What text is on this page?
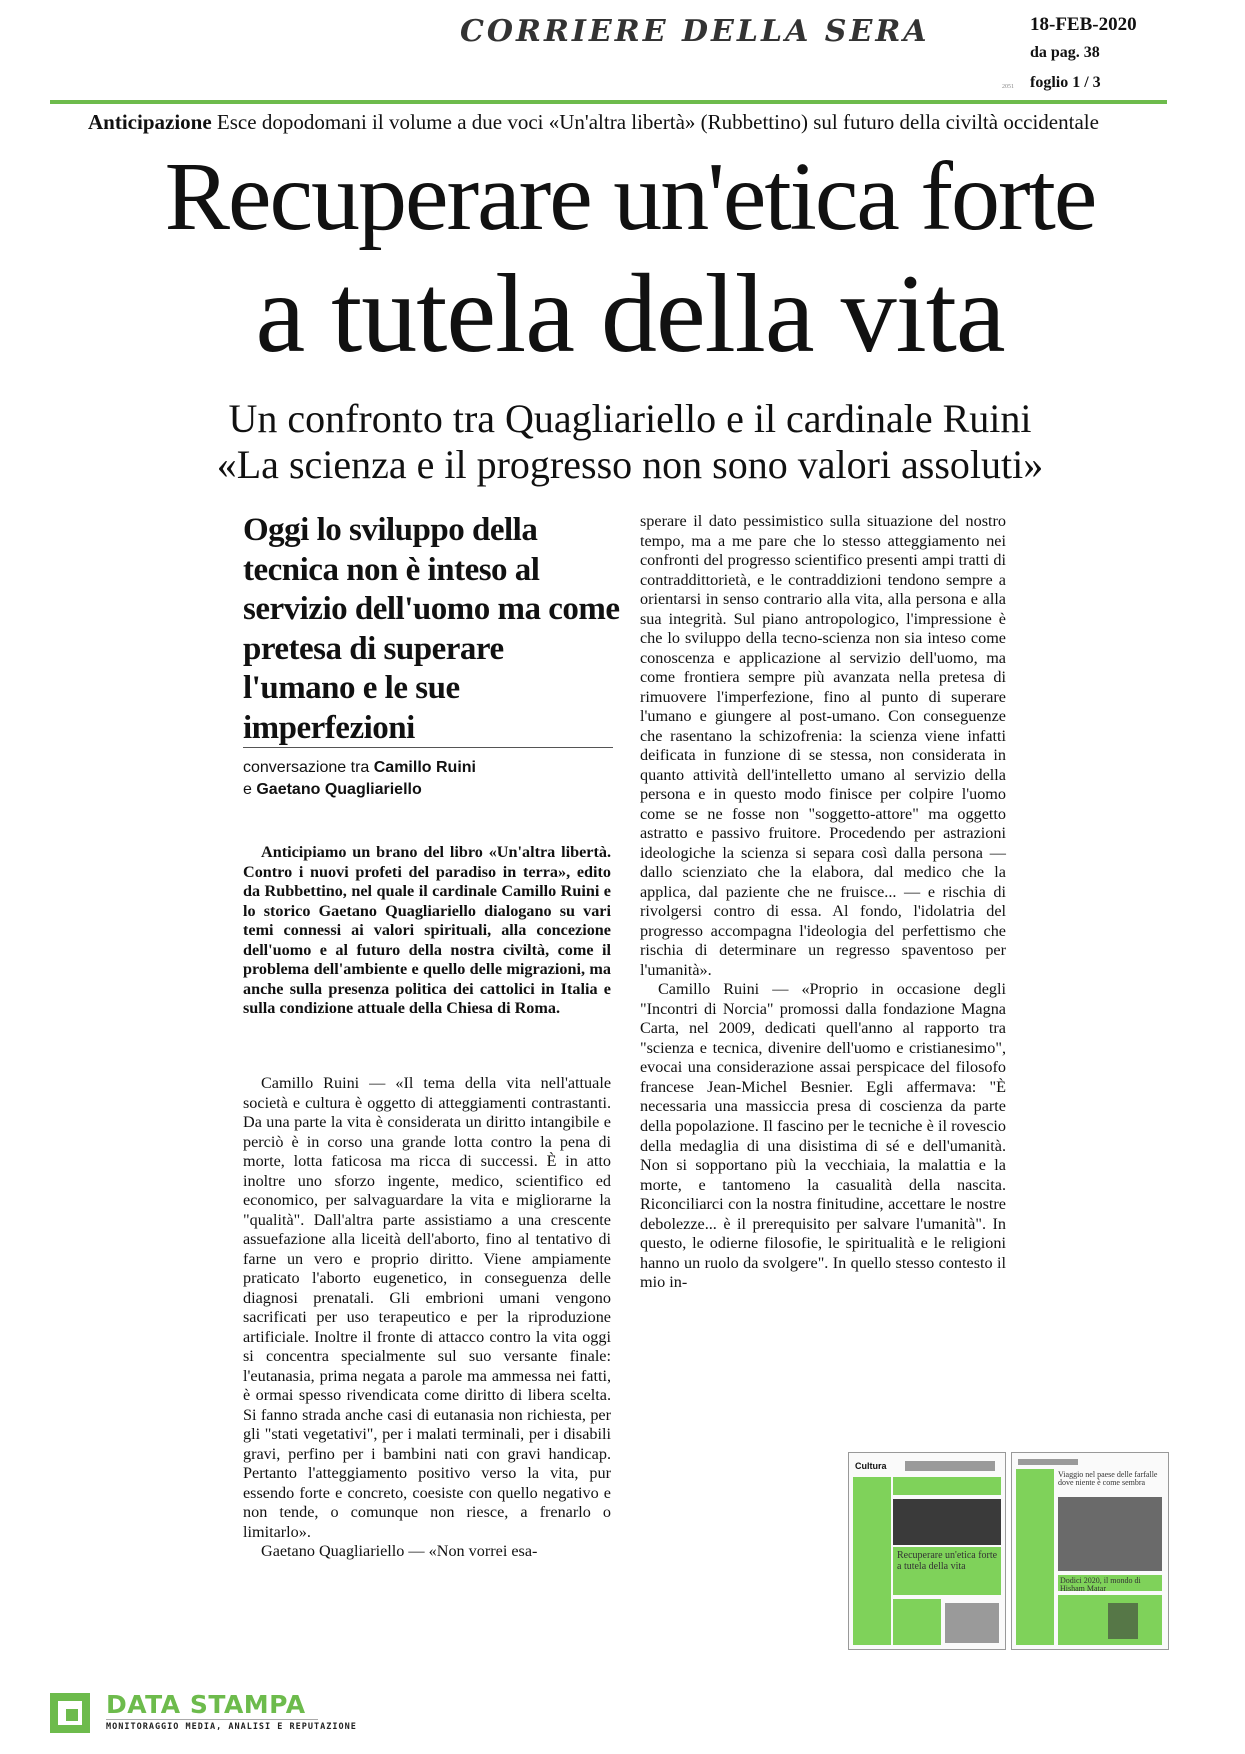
CORRIERE DELLA SERA	18-FEB-2020
da pag. 38
2051 foglio 1 / 3
Anticipazione Esce dopodomani il volume a due voci «Un'altra libertà» (Rubbettino) sul futuro della civiltà occidentale
Recuperare un'etica forte
a tutela della vita
Un confronto tra Quagliariello e il cardinale Ruini
«La scienza e il progresso non sono valori assoluti»
Oggi lo sviluppo della tecnica non è inteso al servizio dell'uomo ma come pretesa di superare l'umano e le sue imperfezioni
conversazione tra Camillo Ruini
e Gaetano Quagliariello

Anticipiamo un brano del libro «Un'altra libertà. Contro i nuovi profeti del paradiso in terra», edito da Rubbettino, nel quale il cardinale Camillo Ruini e lo storico Gaetano Quagliariello dialogano su vari temi connessi ai valori spirituali, alla concezione dell'uomo e al futuro della nostra civiltà, come il problema dell'ambiente e quello delle migrazioni, ma anche sulla presenza politica dei cattolici in Italia e sulla condizione attuale della Chiesa di Roma.

Camillo Ruini — «Il tema della vita nell'attuale società e cultura è oggetto di atteggiamenti contrastanti. Da una parte la vita è considerata un diritto intangibile e perciò è in corso una grande lotta contro la pena di morte, lotta faticosa ma ricca di successi. È in atto inoltre uno sforzo ingente, medico, scientifico ed economico, per salvaguardare la vita e migliorarne la "qualità". Dall'altra parte assistiamo a una crescente assuefazione alla liceità dell'aborto, fino al tentativo di farne un vero e proprio diritto. Viene ampiamente praticato l'aborto eugenetico, in conseguenza delle diagnosi prenatali. Gli embrioni umani vengono sacrificati per uso terapeutico e per la riproduzione artificiale. Inoltre il fronte di attacco contro la vita oggi si concentra specialmente sul suo versante finale: l'eutanasia, prima negata a parole ma ammessa nei fatti, è ormai spesso rivendicata come diritto di libera scelta. Si fanno strada anche casi di eutanasia non richiesta, per gli "stati vegetativi", per i malati terminali, per i disabili gravi, perfino per i bambini nati con gravi handicap. Pertanto l'atteggiamento positivo verso la vita, pur essendo forte e concreto, coesiste con quello negativo e non tende, o comunque non riesce, a frenarlo o limitarlo».

Gaetano Quagliariello — «Non vorrei esa-

sperare il dato pessimistico sulla situazione del nostro tempo, ma a me pare che lo stesso atteggiamento nei confronti del progresso scientifico presenti ampi tratti di contraddittorietà, e le contraddizioni tendono sempre a orientarsi in senso contrario alla vita, alla persona e alla sua integrità. Sul piano antropologico, l'impressione è che lo sviluppo della tecno-scienza non sia inteso come conoscenza e applicazione al servizio dell'uomo, ma come frontiera sempre più avanzata nella pretesa di rimuovere l'imperfezione, fino al punto di superare l'umano e giungere al post-umano. Con conseguenze che rasentano la schizofrenia: la scienza viene infatti deificata in funzione di se stessa, non considerata in quanto attività dell'intelletto umano al servizio della persona e in questo modo finisce per colpire l'uomo come se ne fosse non "soggetto-attore" ma oggetto astratto e passivo fruitore. Procedendo per astrazioni ideologiche la scienza si separa così dalla persona — dallo scienziato che la elabora, dal medico che la applica, dal paziente che ne fruisce... — e rischia di rivolgersi contro di essa. Al fondo, l'idolatria del progresso accompagna l'ideologia del perfettismo che rischia di determinare un regresso spaventoso per l'umanità».

Camillo Ruini — «Proprio in occasione degli "Incontri di Norcia" promossi dalla fondazione Magna Carta, nel 2009, dedicati quell'anno al rapporto tra "scienza e tecnica, divenire dell'uomo e cristianesimo", evocai una considerazione assai perspicace del filosofo francese Jean-Michel Besnier. Egli affermava: "È necessaria una massiccia presa di coscienza da parte della popolazione. Il fascino per le tecniche è il rovescio della medaglia di una disistima di sé e dell'umanità. Non si sopportano più la vecchiaia, la malattia e la morte, e tantomeno la casualità della nascita. Riconciliarci con la nostra finitudine, accettare le nostre debolezze... è il prerequisito per salvare l'umanità". In questo, le odierne filosofie, le spiritualità e le religioni hanno un ruolo da svolgere". In quello stesso contesto il mio in-

Cultura
Recuperare un'etica forte a tutela della vita
Viaggio nel paese delle farfalle dove niente è come sembra
Dodici 2020, il mondo di Hisham Matar
DATA STAMPA
MONITORAGGIO MEDIA, ANALISI E REPUTAZIONE
